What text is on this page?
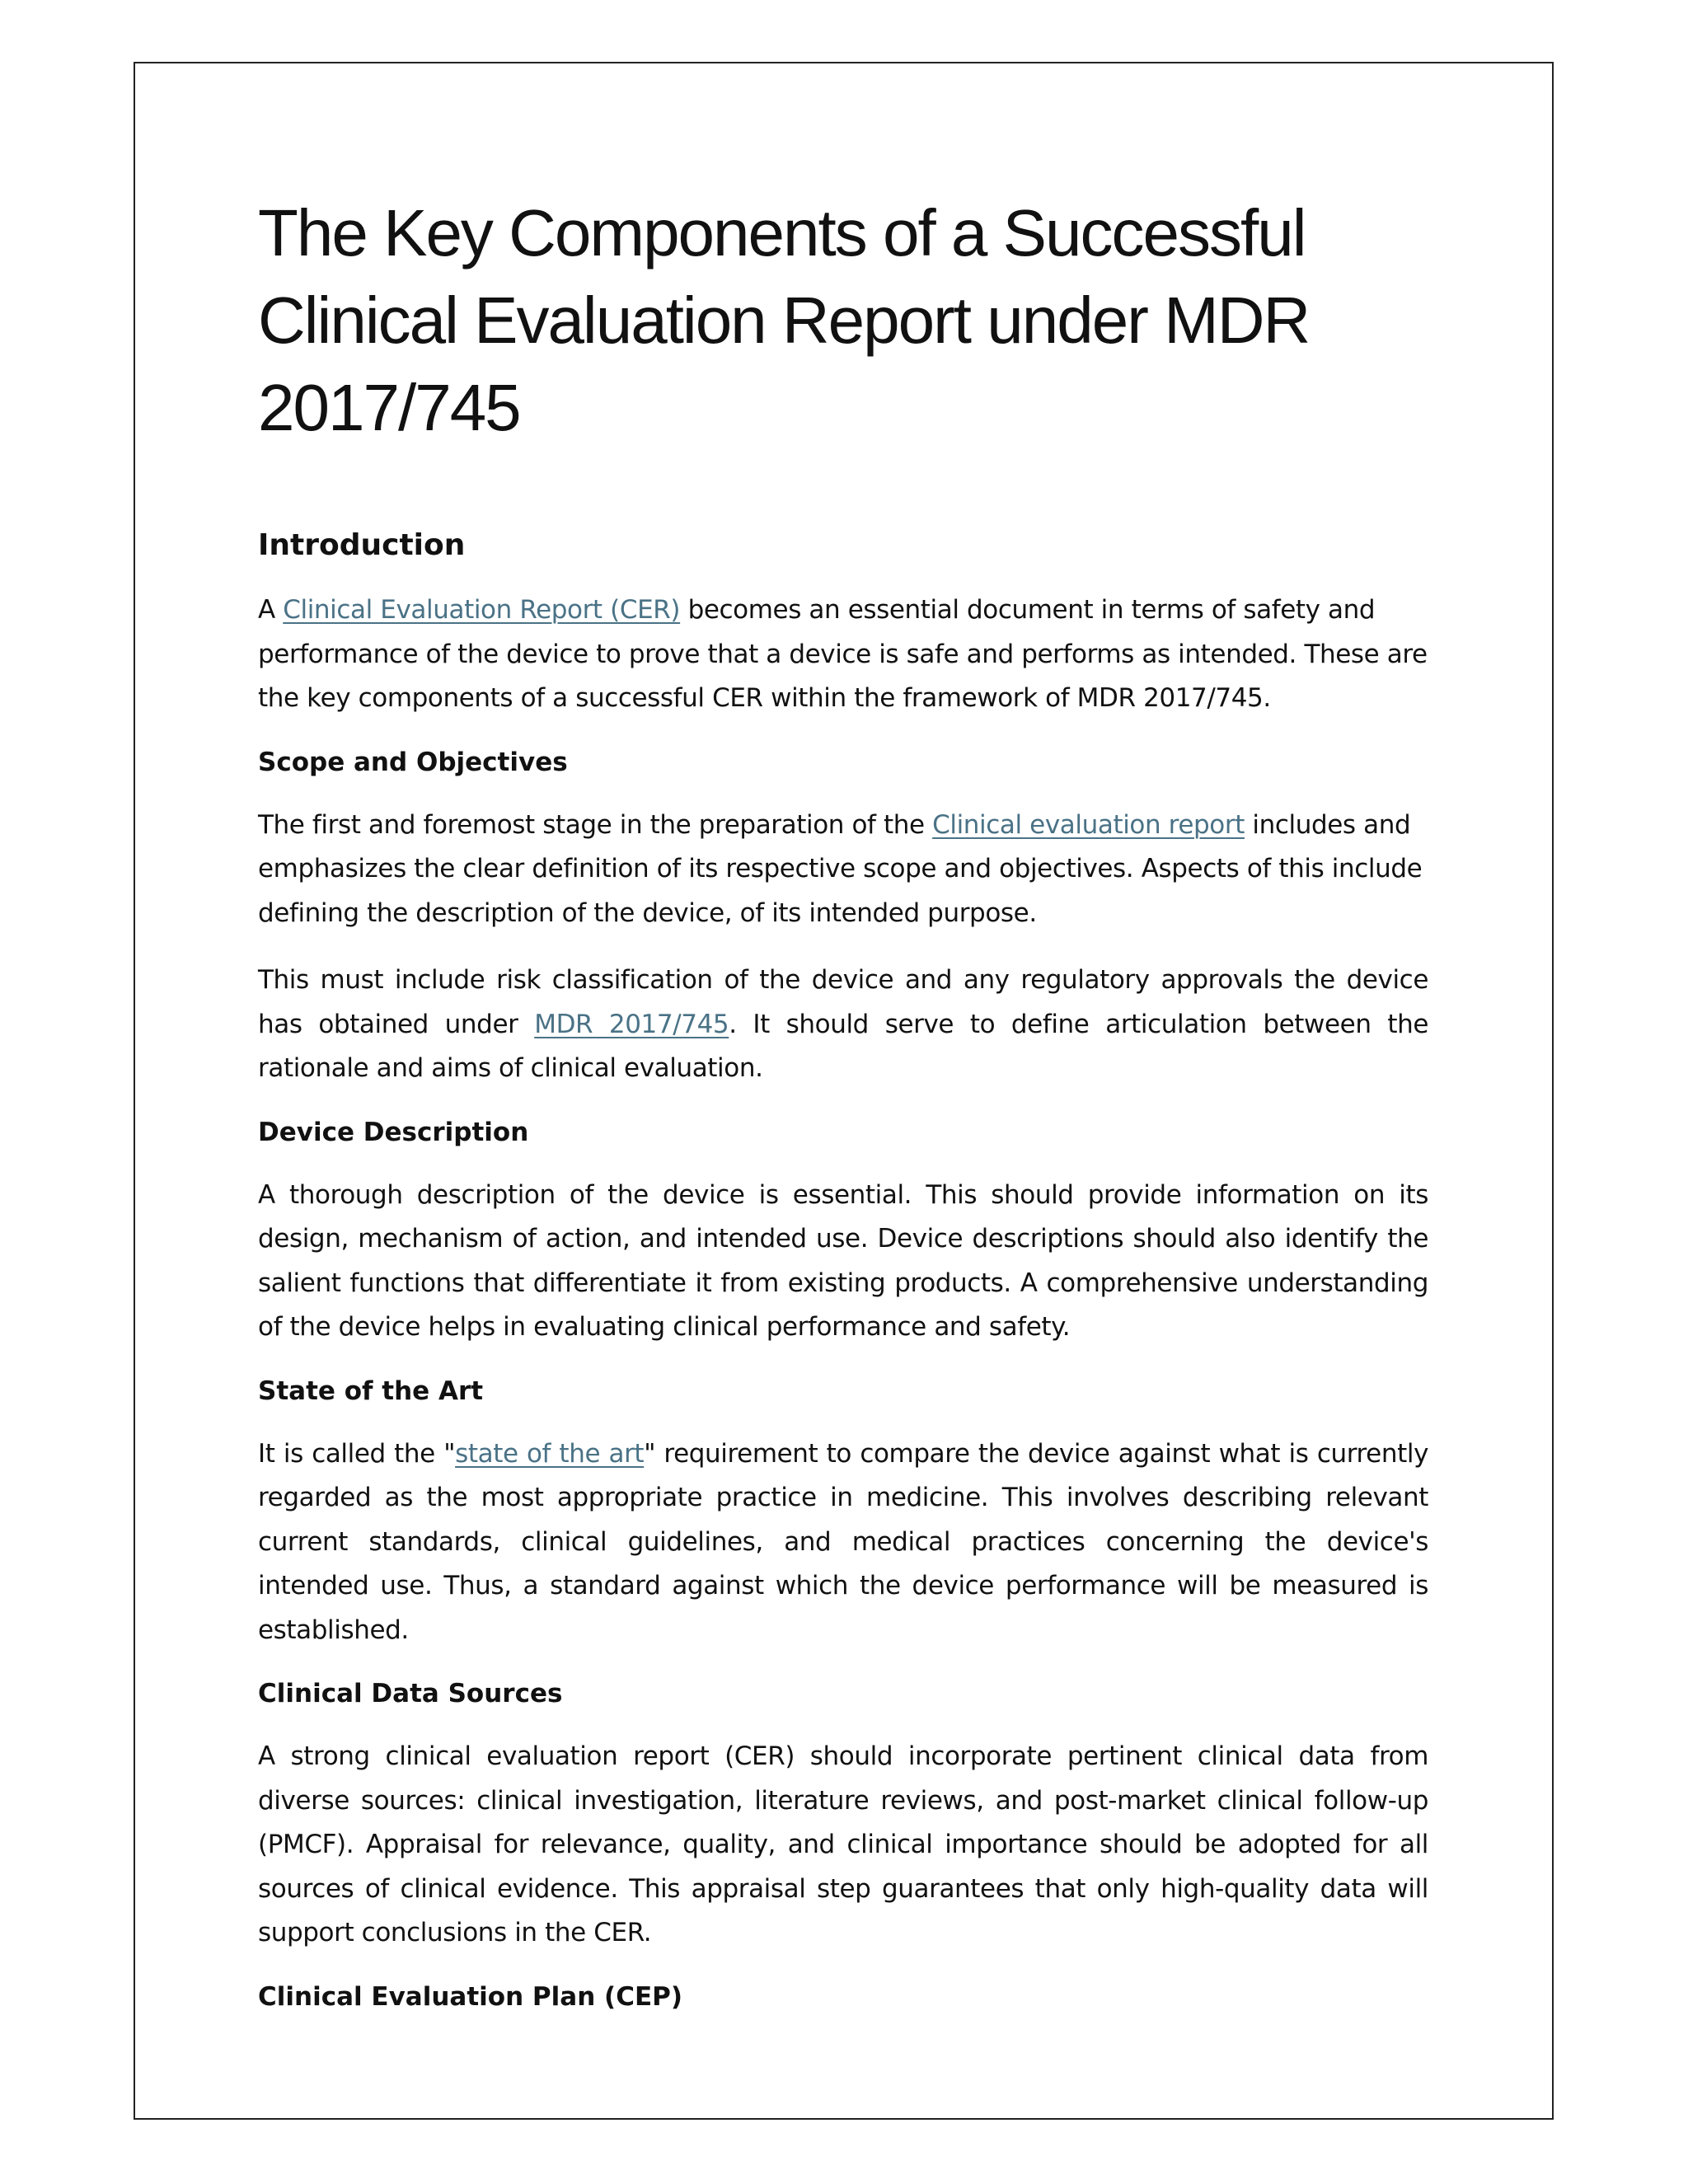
The Key Components of a Successful
Clinical Evaluation Report under MDR
2017/745
Introduction

A Clinical Evaluation Report (CER) becomes an essential document in terms of safety and performance of the device to prove that a device is safe and performs as intended. These are the key components of a successful CER within the framework of MDR 2017/745.

Scope and Objectives

The first and foremost stage in the preparation of the Clinical evaluation report includes and emphasizes the clear definition of its respective scope and objectives. Aspects of this include defining the description of the device, of its intended purpose.

This must include risk classification of the device and any regulatory approvals the device has obtained under MDR 2017/745. It should serve to define articulation between the rationale and aims of clinical evaluation.

Device Description

A thorough description of the device is essential. This should provide information on its design, mechanism of action, and intended use. Device descriptions should also identify the salient functions that differentiate it from existing products. A comprehensive understanding of the device helps in evaluating clinical performance and safety.

State of the Art

It is called the "state of the art" requirement to compare the device against what is currently regarded as the most appropriate practice in medicine. This involves describing relevant current standards, clinical guidelines, and medical practices concerning the device's intended use. Thus, a standard against which the device performance will be measured is established.

Clinical Data Sources

A strong clinical evaluation report (CER) should incorporate pertinent clinical data from diverse sources: clinical investigation, literature reviews, and post-market clinical follow-up (PMCF). Appraisal for relevance, quality, and clinical importance should be adopted for all sources of clinical evidence. This appraisal step guarantees that only high-quality data will support conclusions in the CER.

Clinical Evaluation Plan (CEP)
